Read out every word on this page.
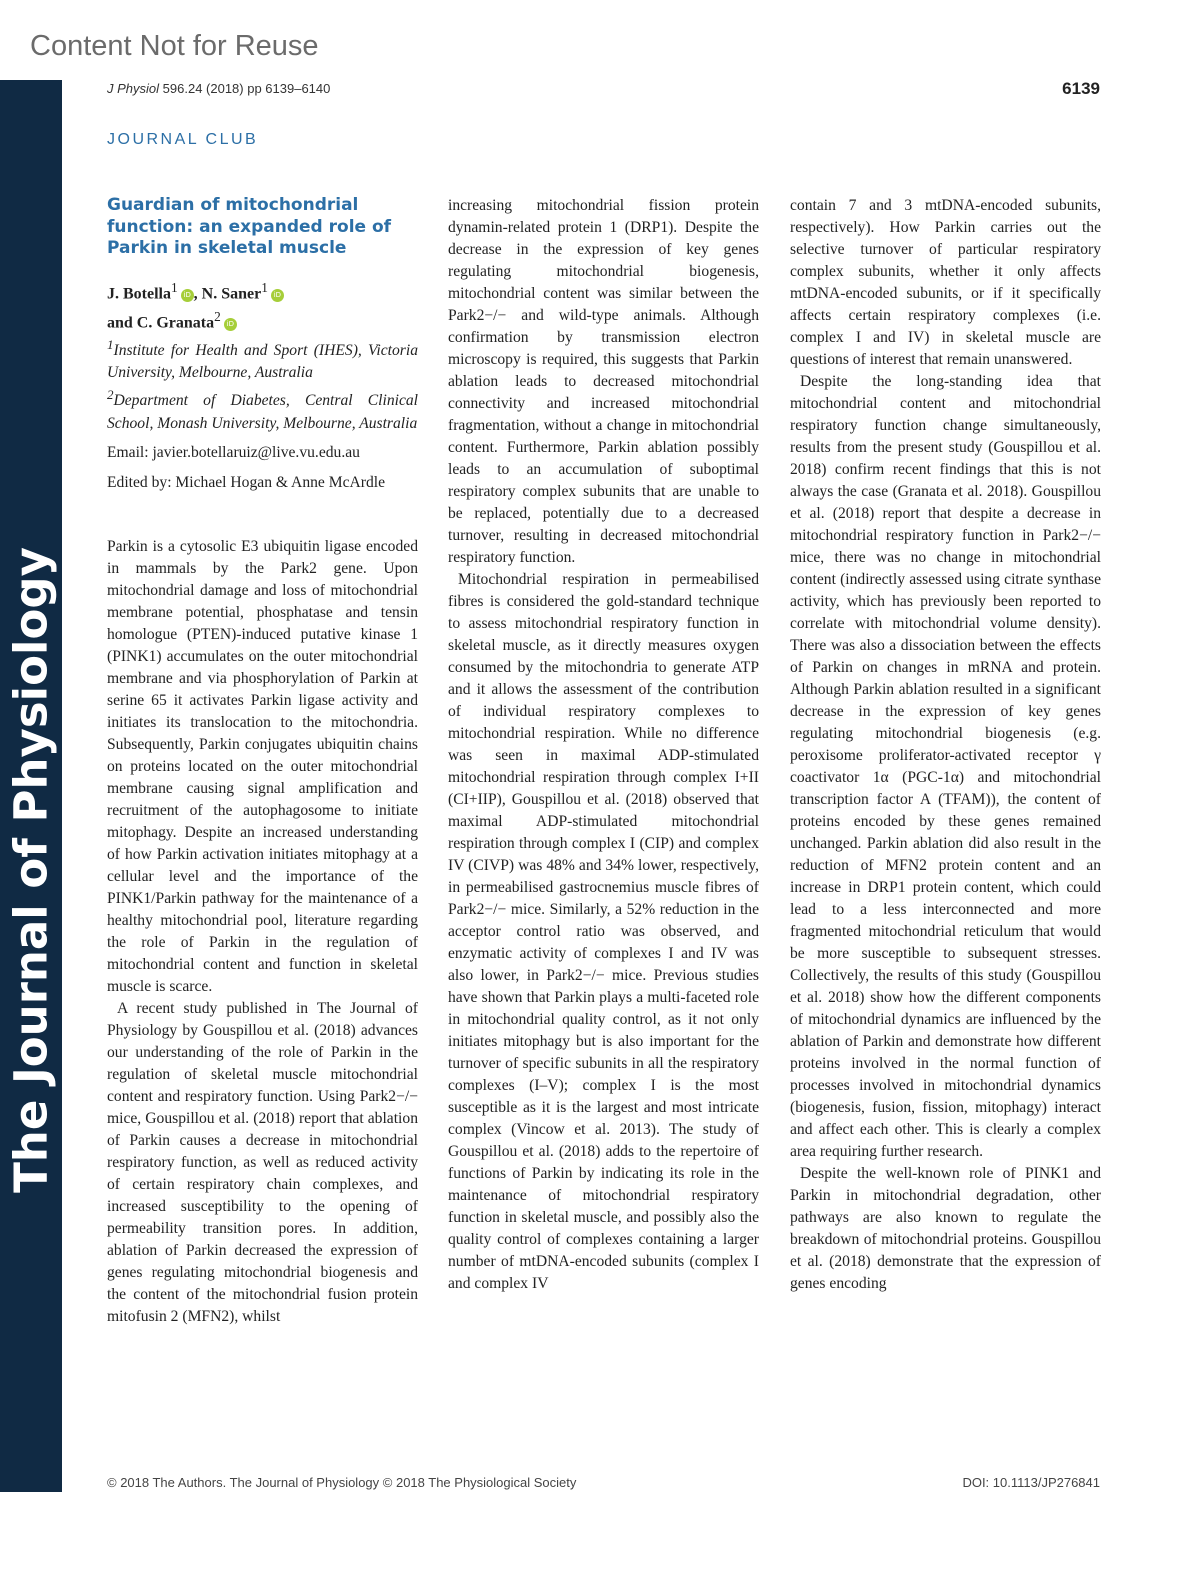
Content Not for Reuse
The Journal of Physiology
J Physiol 596.24 (2018) pp 6139–6140	6139
JOURNAL CLUB
Guardian of mitochondrial function: an expanded role of Parkin in skeletal muscle
J. Botella$^1$iD , N. Saner$^1$iD
and C. Granata$^2$iD
$^1$Institute for Health and Sport (IHES), Victoria University, Melbourne, Australia
$^2$Department of Diabetes, Central Clinical School, Monash University, Melbourne, Australia
Email: javier.botellaruiz@live.vu.edu.au
Edited by: Michael Hogan & Anne McArdle

Parkin is a cytosolic E3 ubiquitin ligase encoded in mammals by the Park2 gene. Upon mitochondrial damage and loss of mitochondrial membrane potential, phosphatase and tensin homologue (PTEN)-induced putative kinase 1 (PINK1) accumulates on the outer mitochondrial membrane and via phosphorylation of Parkin at serine 65 it activates Parkin ligase activity and initiates its translocation to the mitochondria. Subsequently, Parkin conjugates ubiquitin chains on proteins located on the outer mitochondrial membrane causing signal amplification and recruitment of the autophagosome to initiate mitophagy. Despite an increased understanding of how Parkin activation initiates mitophagy at a cellular level and the importance of the PINK1/Parkin pathway for the maintenance of a healthy mitochondrial pool, literature regarding the role of Parkin in the regulation of mitochondrial content and function in skeletal muscle is scarce.

A recent study published in The Journal of Physiology by Gouspillou et al. (2018) advances our understanding of the role of Parkin in the regulation of skeletal muscle mitochondrial content and respiratory function. Using Park2−/− mice, Gouspillou et al. (2018) report that ablation of Parkin causes a decrease in mitochondrial respiratory function, as well as reduced activity of certain respiratory chain complexes, and increased susceptibility to the opening of permeability transition pores. In addition, ablation of Parkin decreased the expression of genes regulating mitochondrial biogenesis and the content of the mitochondrial fusion protein mitofusin 2 (MFN2), whilst

increasing mitochondrial fission protein dynamin-related protein 1 (DRP1). Despite the decrease in the expression of key genes regulating mitochondrial biogenesis, mitochondrial content was similar between the Park2−/− and wild-type animals. Although confirmation by transmission electron microscopy is required, this suggests that Parkin ablation leads to decreased mitochondrial connectivity and increased mitochondrial fragmentation, without a change in mitochondrial content. Furthermore, Parkin ablation possibly leads to an accumulation of suboptimal respiratory complex subunits that are unable to be replaced, potentially due to a decreased turnover, resulting in decreased mitochondrial respiratory function.

Mitochondrial respiration in permeabilised fibres is considered the gold-standard technique to assess mitochondrial respiratory function in skeletal muscle, as it directly measures oxygen consumed by the mitochondria to generate ATP and it allows the assessment of the contribution of individual respiratory complexes to mitochondrial respiration. While no difference was seen in maximal ADP-stimulated mitochondrial respiration through complex I+II (CI+IIP), Gouspillou et al. (2018) observed that maximal ADP-stimulated mitochondrial respiration through complex I (CIP) and complex IV (CIVP) was 48% and 34% lower, respectively, in permeabilised gastrocnemius muscle fibres of Park2−/− mice. Similarly, a 52% reduction in the acceptor control ratio was observed, and enzymatic activity of complexes I and IV was also lower, in Park2−/− mice. Previous studies have shown that Parkin plays a multi-faceted role in mitochondrial quality control, as it not only initiates mitophagy but is also important for the turnover of specific subunits in all the respiratory complexes (I–V); complex I is the most susceptible as it is the largest and most intricate complex (Vincow et al. 2013). The study of Gouspillou et al. (2018) adds to the repertoire of functions of Parkin by indicating its role in the maintenance of mitochondrial respiratory function in skeletal muscle, and possibly also the quality control of complexes containing a larger number of mtDNA-encoded subunits (complex I and complex IV

contain 7 and 3 mtDNA-encoded subunits, respectively). How Parkin carries out the selective turnover of particular respiratory complex subunits, whether it only affects mtDNA-encoded subunits, or if it specifically affects certain respiratory complexes (i.e. complex I and IV) in skeletal muscle are questions of interest that remain unanswered.

Despite the long-standing idea that mitochondrial content and mitochondrial respiratory function change simultaneously, results from the present study (Gouspillou et al. 2018) confirm recent findings that this is not always the case (Granata et al. 2018). Gouspillou et al. (2018) report that despite a decrease in mitochondrial respiratory function in Park2−/− mice, there was no change in mitochondrial content (indirectly assessed using citrate synthase activity, which has previously been reported to correlate with mitochondrial volume density). There was also a dissociation between the effects of Parkin on changes in mRNA and protein. Although Parkin ablation resulted in a significant decrease in the expression of key genes regulating mitochondrial biogenesis (e.g. peroxisome proliferator-activated receptor γ coactivator 1α (PGC-1α) and mitochondrial transcription factor A (TFAM)), the content of proteins encoded by these genes remained unchanged. Parkin ablation did also result in the reduction of MFN2 protein content and an increase in DRP1 protein content, which could lead to a less interconnected and more fragmented mitochondrial reticulum that would be more susceptible to subsequent stresses. Collectively, the results of this study (Gouspillou et al. 2018) show how the different components of mitochondrial dynamics are influenced by the ablation of Parkin and demonstrate how different proteins involved in the normal function of processes involved in mitochondrial dynamics (biogenesis, fusion, fission, mitophagy) interact and affect each other. This is clearly a complex area requiring further research.

Despite the well-known role of PINK1 and Parkin in mitochondrial degradation, other pathways are also known to regulate the breakdown of mitochondrial proteins. Gouspillou et al. (2018) demonstrate that the expression of genes encoding

© 2018 The Authors. The Journal of Physiology © 2018 The Physiological Society	DOI: 10.1113/JP276841
